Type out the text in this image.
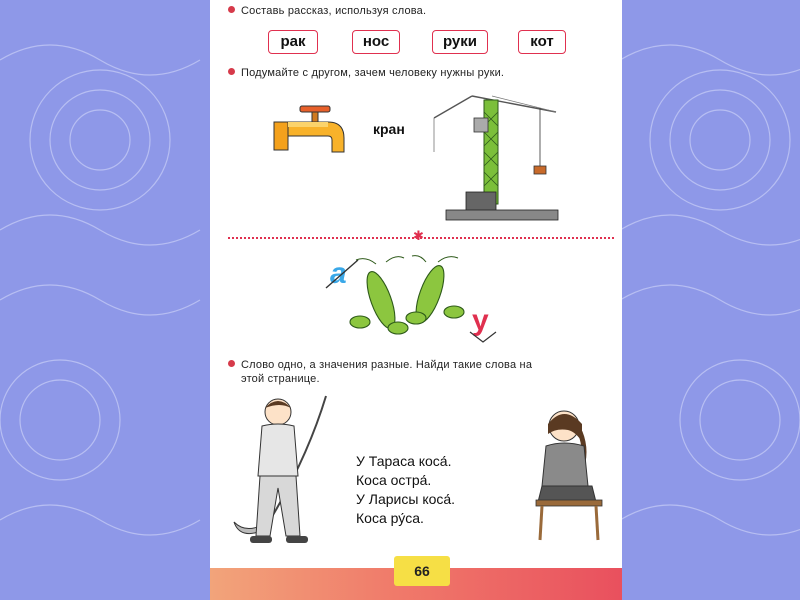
Составь рассказ, используя слова.
рак	нос	руки	кот
Подумайте с другом, зачем человеку нужны руки.
кран
✱
а
у
Слово одно, а значения разные. Найди такие слова на
этой странице.
У Тараса коса́.
Коса остра́.
У Ларисы коса́.
Коса ру́са.
66
